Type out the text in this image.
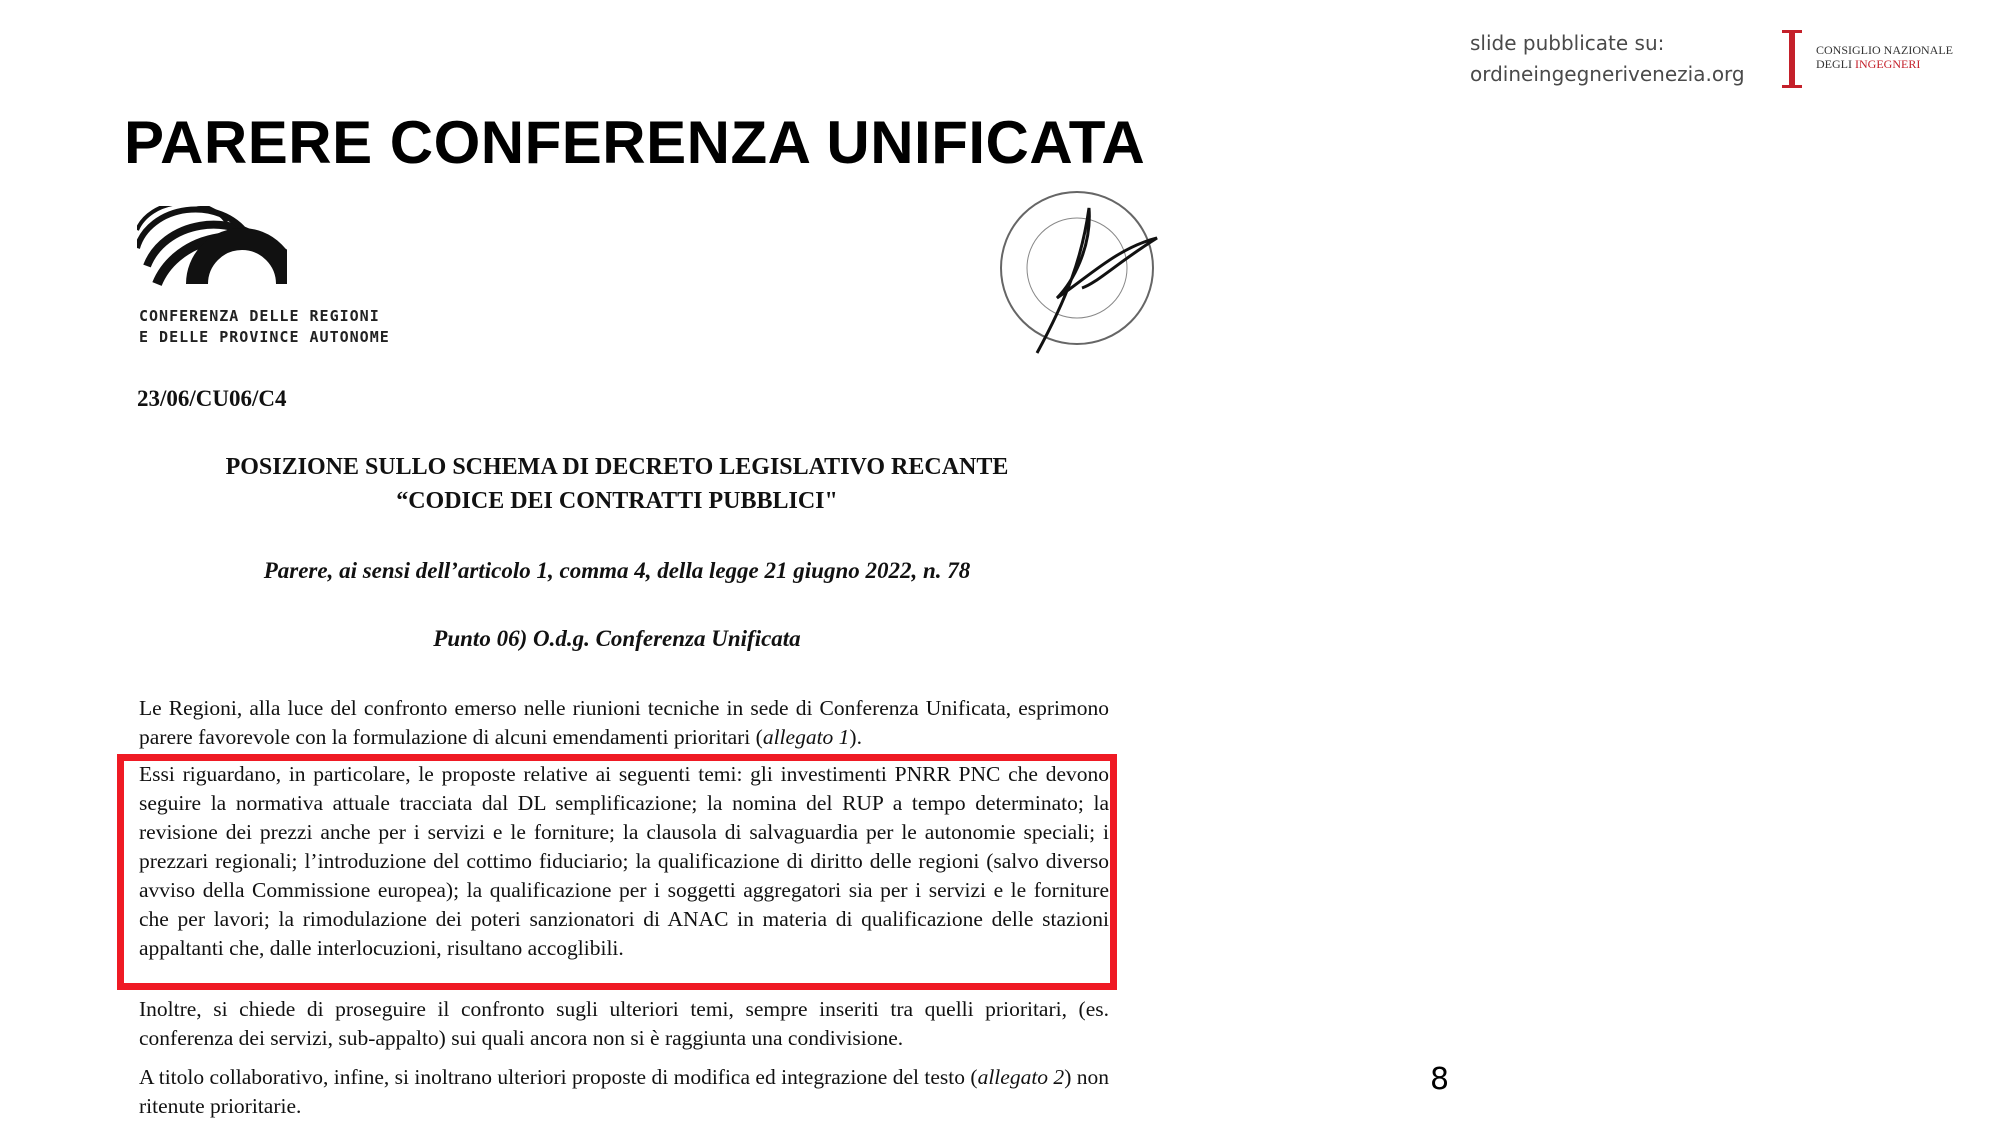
slide pubblicate su:
ordineingegnerivenezia.org
CONSIGLIO NAZIONALE
DEGLI INGEGNERI
PARERE CONFERENZA UNIFICATA
CONFERENZA DELLE REGIONI
E DELLE PROVINCE AUTONOME
23/06/CU06/C4
POSIZIONE SULLO SCHEMA DI DECRETO LEGISLATIVO RECANTE
“CODICE DEI CONTRATTI PUBBLICI"
Parere, ai sensi dell’articolo 1, comma 4, della legge 21 giugno 2022, n. 78
Punto 06) O.d.g. Conferenza Unificata

Le Regioni, alla luce del confronto emerso nelle riunioni tecniche in sede di Conferenza Unificata, esprimono parere favorevole con la formulazione di alcuni emendamenti prioritari (allegato 1).

Essi riguardano, in particolare, le proposte relative ai seguenti temi: gli investimenti PNRR PNC che devono seguire la normativa attuale tracciata dal DL semplificazione; la nomina del RUP a tempo determinato; la revisione dei prezzi anche per i servizi e le forniture; la clausola di salvaguardia per le autonomie speciali; i prezzari regionali; l’introduzione del cottimo fiduciario; la qualificazione di diritto delle regioni (salvo diverso avviso della Commissione europea); la qualificazione per i soggetti aggregatori sia per i servizi e le forniture che per lavori; la rimodulazione dei poteri sanzionatori di ANAC in materia di qualificazione delle stazioni appaltanti che, dalle interlocuzioni, risultano accoglibili.

Inoltre, si chiede di proseguire il confronto sugli ulteriori temi, sempre inseriti tra quelli prioritari, (es. conferenza dei servizi, sub-appalto) sui quali ancora non si è raggiunta una condivisione.

A titolo collaborativo, infine, si inoltrano ulteriori proposte di modifica ed integrazione del testo (allegato 2) non ritenute prioritarie.

8
